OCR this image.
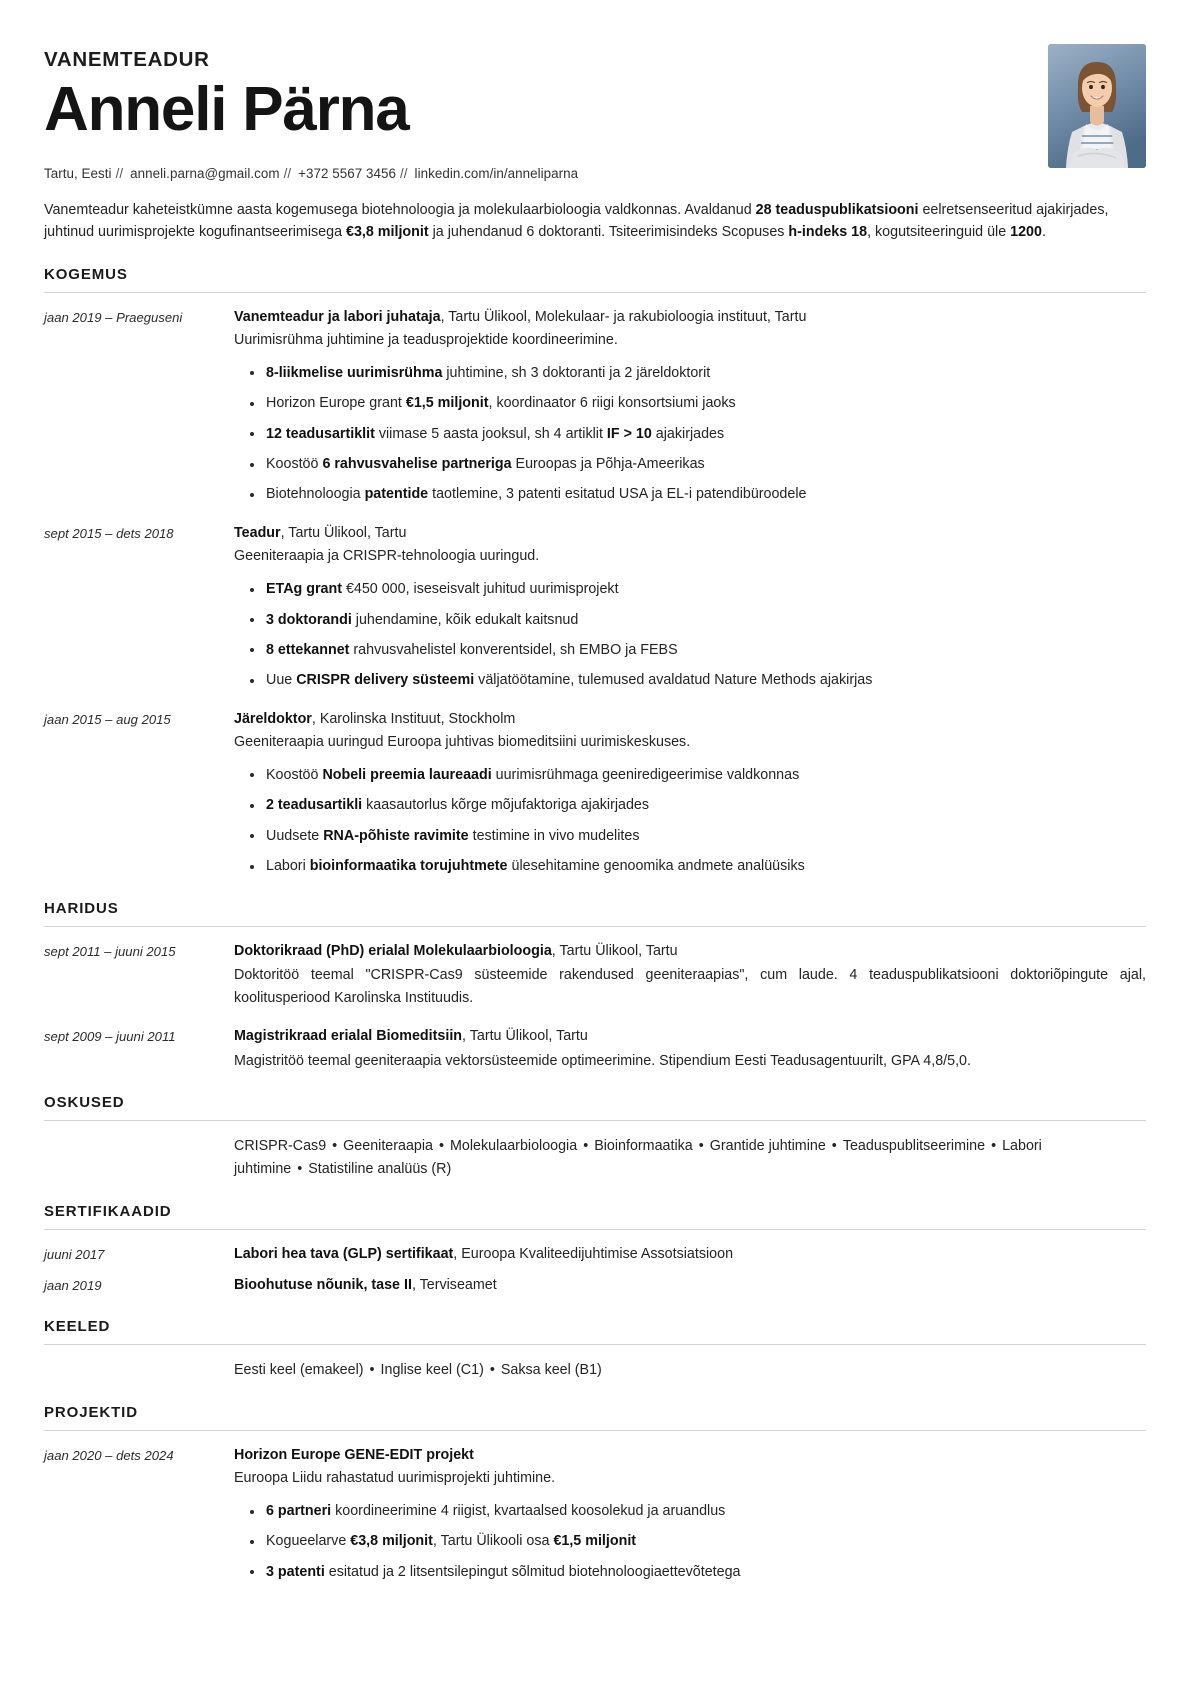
VANEMTEADUR
Anneli Pärna
Tartu, Eesti // anneli.parna@gmail.com // +372 5567 3456 // linkedin.com/in/anneliparna

Vanemteadur kaheteistkümne aasta kogemusega biotehnoloogia ja molekulaarbioloogia valdkonnas. Avaldanud 28 teaduspublikatsiooni eelretsenseeritud ajakirjades, juhtinud uurimisprojekte kogufinantseerimisega €3,8 miljonit ja juhendanud 6 doktoranti. Tsiteerimisindeks Scopuses h-indeks 18, kogutsiteeringuid üle 1200.

KOGEMUS
jaan 2019 – Praeguseni	Vanemteadur ja labori juhataja, Tartu Ülikool, Molekulaar- ja rakubioloogia instituut, Tartu
Uurimisrühma juhtimine ja teadusprojektide koordineerimine.
8-liikmelise uurimisrühma juhtimine, sh 3 doktoranti ja 2 järeldoktorit
Horizon Europe grant €1,5 miljonit, koordinaator 6 riigi konsortsiumi jaoks
12 teadusartiklit viimase 5 aasta jooksul, sh 4 artiklit IF > 10 ajakirjades
Koostöö 6 rahvusvahelise partneriga Euroopas ja Põhja-Ameerikas
Biotehnoloogia patentide taotlemine, 3 patenti esitatud USA ja EL-i patendibüroodele
sept 2015 – dets 2018	Teadur, Tartu Ülikool, Tartu
Geeniteraapia ja CRISPR-tehnoloogia uuringud.
ETAg grant €450 000, iseseisvalt juhitud uurimisprojekt
3 doktorandi juhendamine, kõik edukalt kaitsnud
8 ettekannet rahvusvahelistel konverentsidel, sh EMBO ja FEBS
Uue CRISPR delivery süsteemi väljatöötamine, tulemused avaldatud Nature Methods ajakirjas
jaan 2015 – aug 2015	Järeldoktor, Karolinska Instituut, Stockholm
Geeniteraapia uuringud Euroopa juhtivas biomeditsiini uurimiskeskuses.
Koostöö Nobeli preemia laureaadi uurimisrühmaga geeniredigeerimise valdkonnas
2 teadusartikli kaasautorlus kõrge mõjufaktoriga ajakirjades
Uudsete RNA-põhiste ravimite testimine in vivo mudelites
Labori bioinformaatika torujuhtmete ülesehitamine genoomika andmete analüüsiks
HARIDUS
sept 2011 – juuni 2015	Doktorikraad (PhD) erialal Molekulaarbioloogia, Tartu Ülikool, Tartu
Doktoritöö teemal "CRISPR-Cas9 süsteemide rakendused geeniteraapias", cum laude. 4 teaduspublikatsiooni doktoriõpingute ajal, koolitusperiood Karolinska Instituudis.
sept 2009 – juuni 2011	Magistrikraad erialal Biomeditsiin, Tartu Ülikool, Tartu
Magistritöö teemal geeniteraapia vektorsüsteemide optimeerimine. Stipendium Eesti Teadusagentuurilt, GPA 4,8/5,0.
OSKUSED
CRISPR-Cas9 • Geeniteraapia • Molekulaarbioloogia • Bioinformaatika • Grantide juhtimine • Teaduspublitseerimine • Labori juhtimine • Statistiline analüüs (R)
SERTIFIKAADID
juuni 2017	Labori hea tava (GLP) sertifikaat, Euroopa Kvaliteedijuhtimise Assotsiatsioon
jaan 2019	Bioohutuse nõunik, tase II, Terviseamet
KEELED
Eesti keel (emakeel) • Inglise keel (C1) • Saksa keel (B1)
PROJEKTID
jaan 2020 – dets 2024	Horizon Europe GENE-EDIT projekt
Euroopa Liidu rahastatud uurimisprojekti juhtimine.
6 partneri koordineerimine 4 riigist, kvartaalsed koosolekud ja aruandlus
Kogueelarve €3,8 miljonit, Tartu Ülikooli osa €1,5 miljonit
3 patenti esitatud ja 2 litsentsilepingut sõlmitud biotehnoloogiaettevõtetega
